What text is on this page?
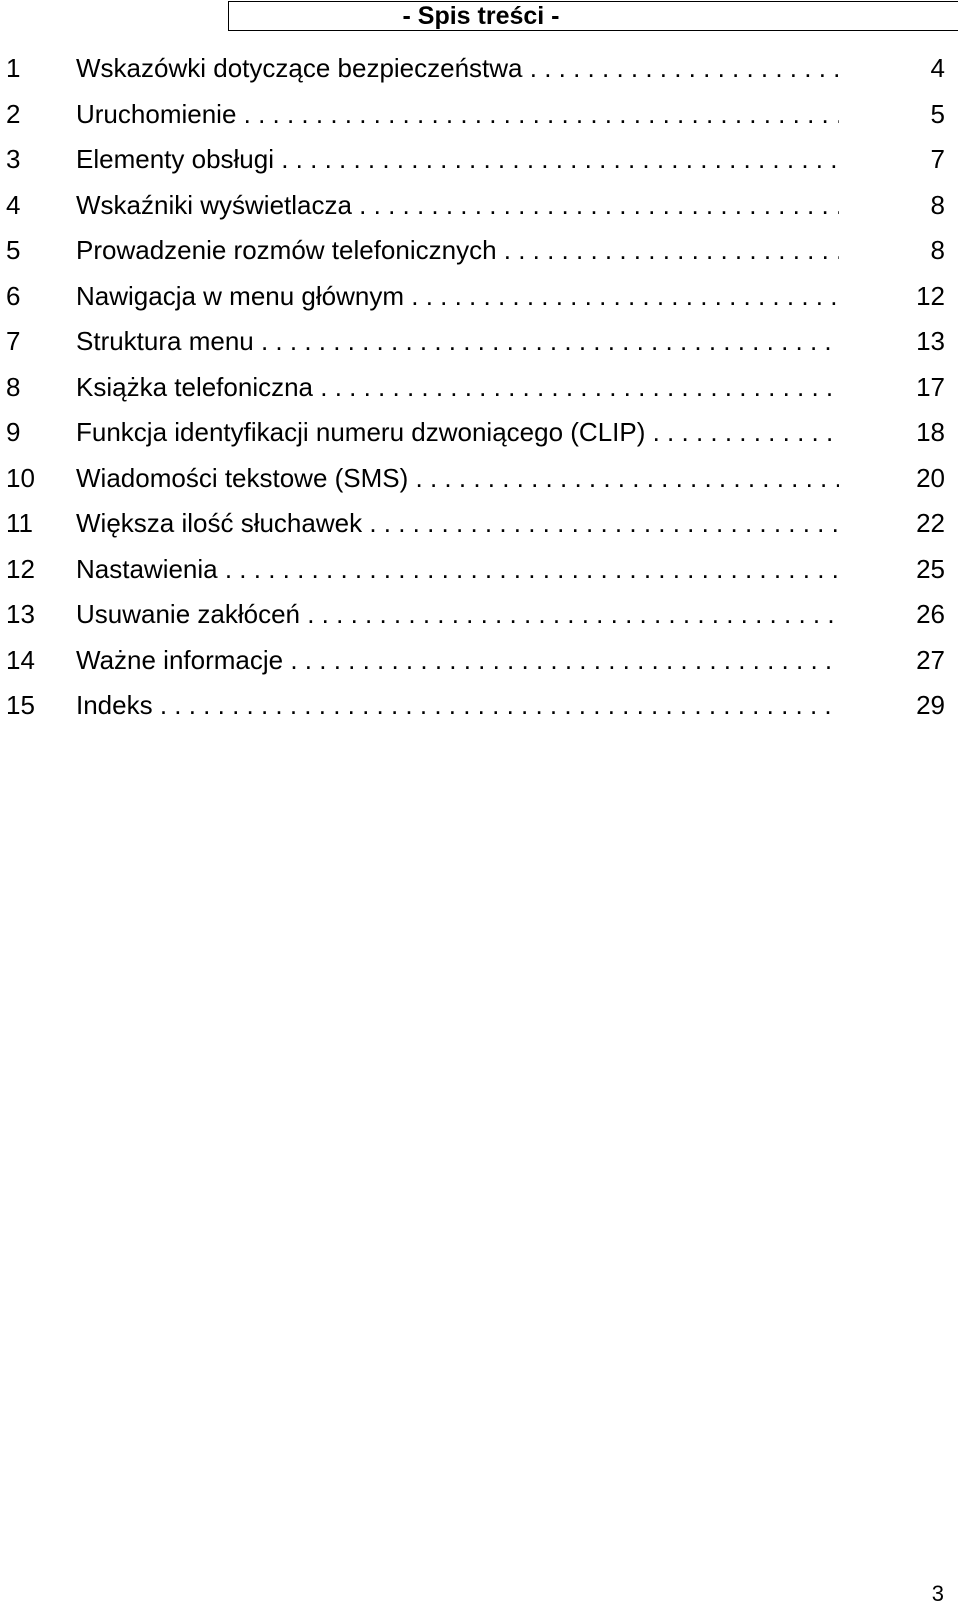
- Spis treści -
1	Wskazówki dotyczące bezpieczeństwa . . .	4
2	Uruchomienie . . .	5
3	Elementy obsługi . . .	7
4	Wskaźniki wyświetlacza . . .	8
5	Prowadzenie rozmów telefonicznych . . .	8
6	Nawigacja w menu głównym . . .	12
7	Struktura menu . . .	13
8	Książka telefoniczna . . .	17
9	Funkcja identyfikacji numeru dzwoniącego (CLIP) . . .	18
10	Wiadomości tekstowe (SMS) . . .	20
11	Większa ilość słuchawek . . .	22
12	Nastawienia . . .	25
13	Usuwanie zakłóceń . . .	26
14	Ważne informacje . . .	27
15	Indeks . . .	29
3
